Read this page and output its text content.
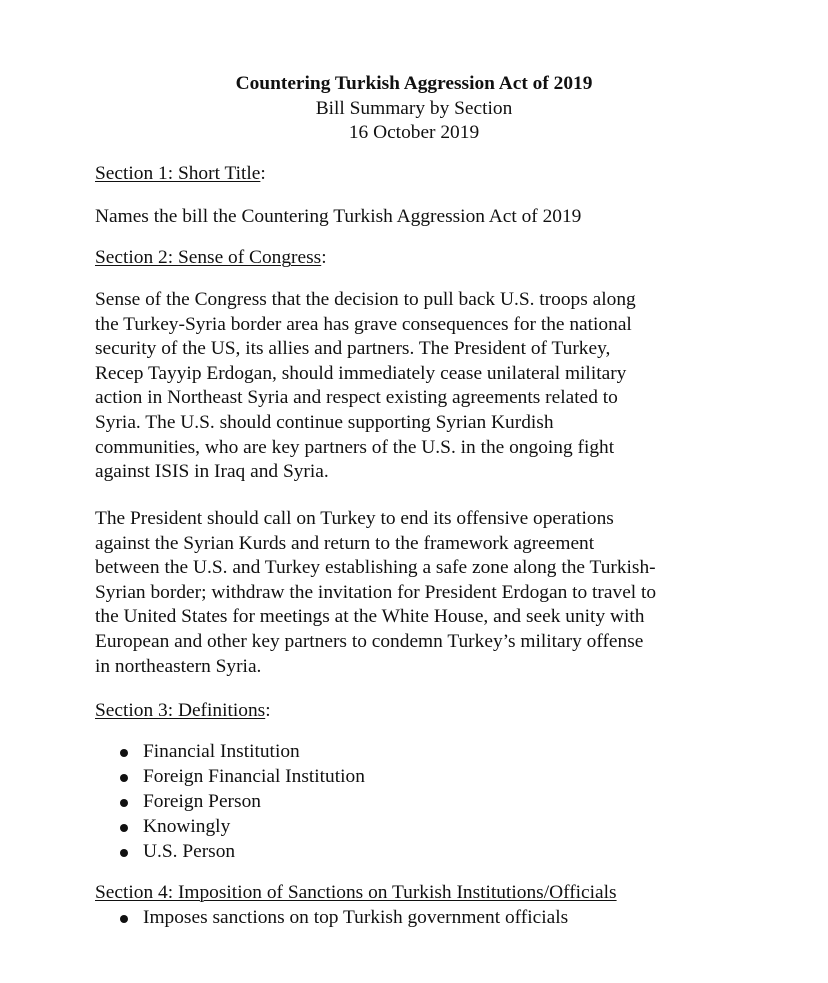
Countering Turkish Aggression Act of 2019
Bill Summary by Section
16 October 2019
Section 1: Short Title:
Names the bill the Countering Turkish Aggression Act of 2019
Section 2: Sense of Congress:
Sense of the Congress that the decision to pull back U.S. troops along
the Turkey-Syria border area has grave consequences for the national
security of the US, its allies and partners. The President of Turkey,
Recep Tayyip Erdogan, should immediately cease unilateral military
action in Northeast Syria and respect existing agreements related to
Syria. The U.S. should continue supporting Syrian Kurdish
communities, who are key partners of the U.S. in the ongoing fight
against ISIS in Iraq and Syria.
The President should call on Turkey to end its offensive operations
against the Syrian Kurds and return to the framework agreement
between the U.S. and Turkey establishing a safe zone along the Turkish-
Syrian border; withdraw the invitation for President Erdogan to travel to
the United States for meetings at the White House, and seek unity with
European and other key partners to condemn Turkey’s military offense
in northeastern Syria.
Section 3: Definitions:
Financial Institution
Foreign Financial Institution
Foreign Person
Knowingly
U.S. Person
Section 4: Imposition of Sanctions on Turkish Institutions/Officials
Imposes sanctions on top Turkish government officials
